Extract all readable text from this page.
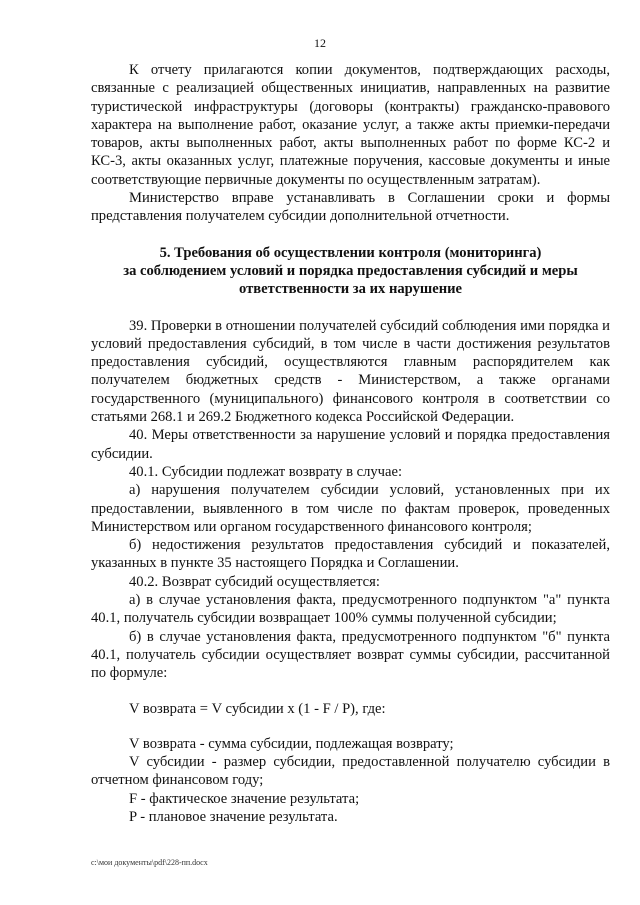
12

К отчету прилагаются копии документов, подтверждающих расходы, связанные с реализацией общественных инициатив, направленных на развитие туристической инфраструктуры (договоры (контракты) гражданско-правового характера на выполнение работ, оказание услуг, а также акты приемки-передачи товаров, акты выполненных работ, акты выполненных работ по форме КС-2 и КС-3, акты оказанных услуг, платежные поручения, кассовые документы и иные соответствующие первичные документы по осуществленным затратам).

Министерство вправе устанавливать в Соглашении сроки и формы представления получателем субсидии дополнительной отчетности.

5. Требования об осуществлении контроля (мониторинга)
за соблюдением условий и порядка предоставления субсидий и меры
ответственности за их нарушение

39. Проверки в отношении получателей субсидий соблюдения ими порядка и условий предоставления субсидий, в том числе в части достижения результатов предоставления субсидий, осуществляются главным распорядителем как получателем бюджетных средств - Министерством, а также органами государственного (муниципального) финансового контроля в соответствии со статьями 268.1 и 269.2 Бюджетного кодекса Российской Федерации.

40. Меры ответственности за нарушение условий и порядка предоставления субсидии.

40.1. Субсидии подлежат возврату в случае:

а) нарушения получателем субсидии условий, установленных при их предоставлении, выявленного в том числе по фактам проверок, проведенных Министерством или органом государственного финансового контроля;

б) недостижения результатов предоставления субсидий и показателей, указанных в пункте 35 настоящего Порядка и Соглашении.

40.2. Возврат субсидий осуществляется:

а) в случае установления факта, предусмотренного подпунктом "а" пункта 40.1, получатель субсидии возвращает 100% суммы полученной субсидии;

б) в случае установления факта, предусмотренного подпунктом "б" пункта 40.1, получатель субсидии осуществляет возврат суммы субсидии, рассчитанной по формуле:

V возврата = V субсидии x (1 - F / P), где:

V возврата - сумма субсидии, подлежащая возврату;

V субсидии - размер субсидии, предоставленной получателю субсидии в отчетном финансовом году;

F - фактическое значение результата;

P - плановое значение результата.

c:\мои документы\pdf\228-пп.docx
